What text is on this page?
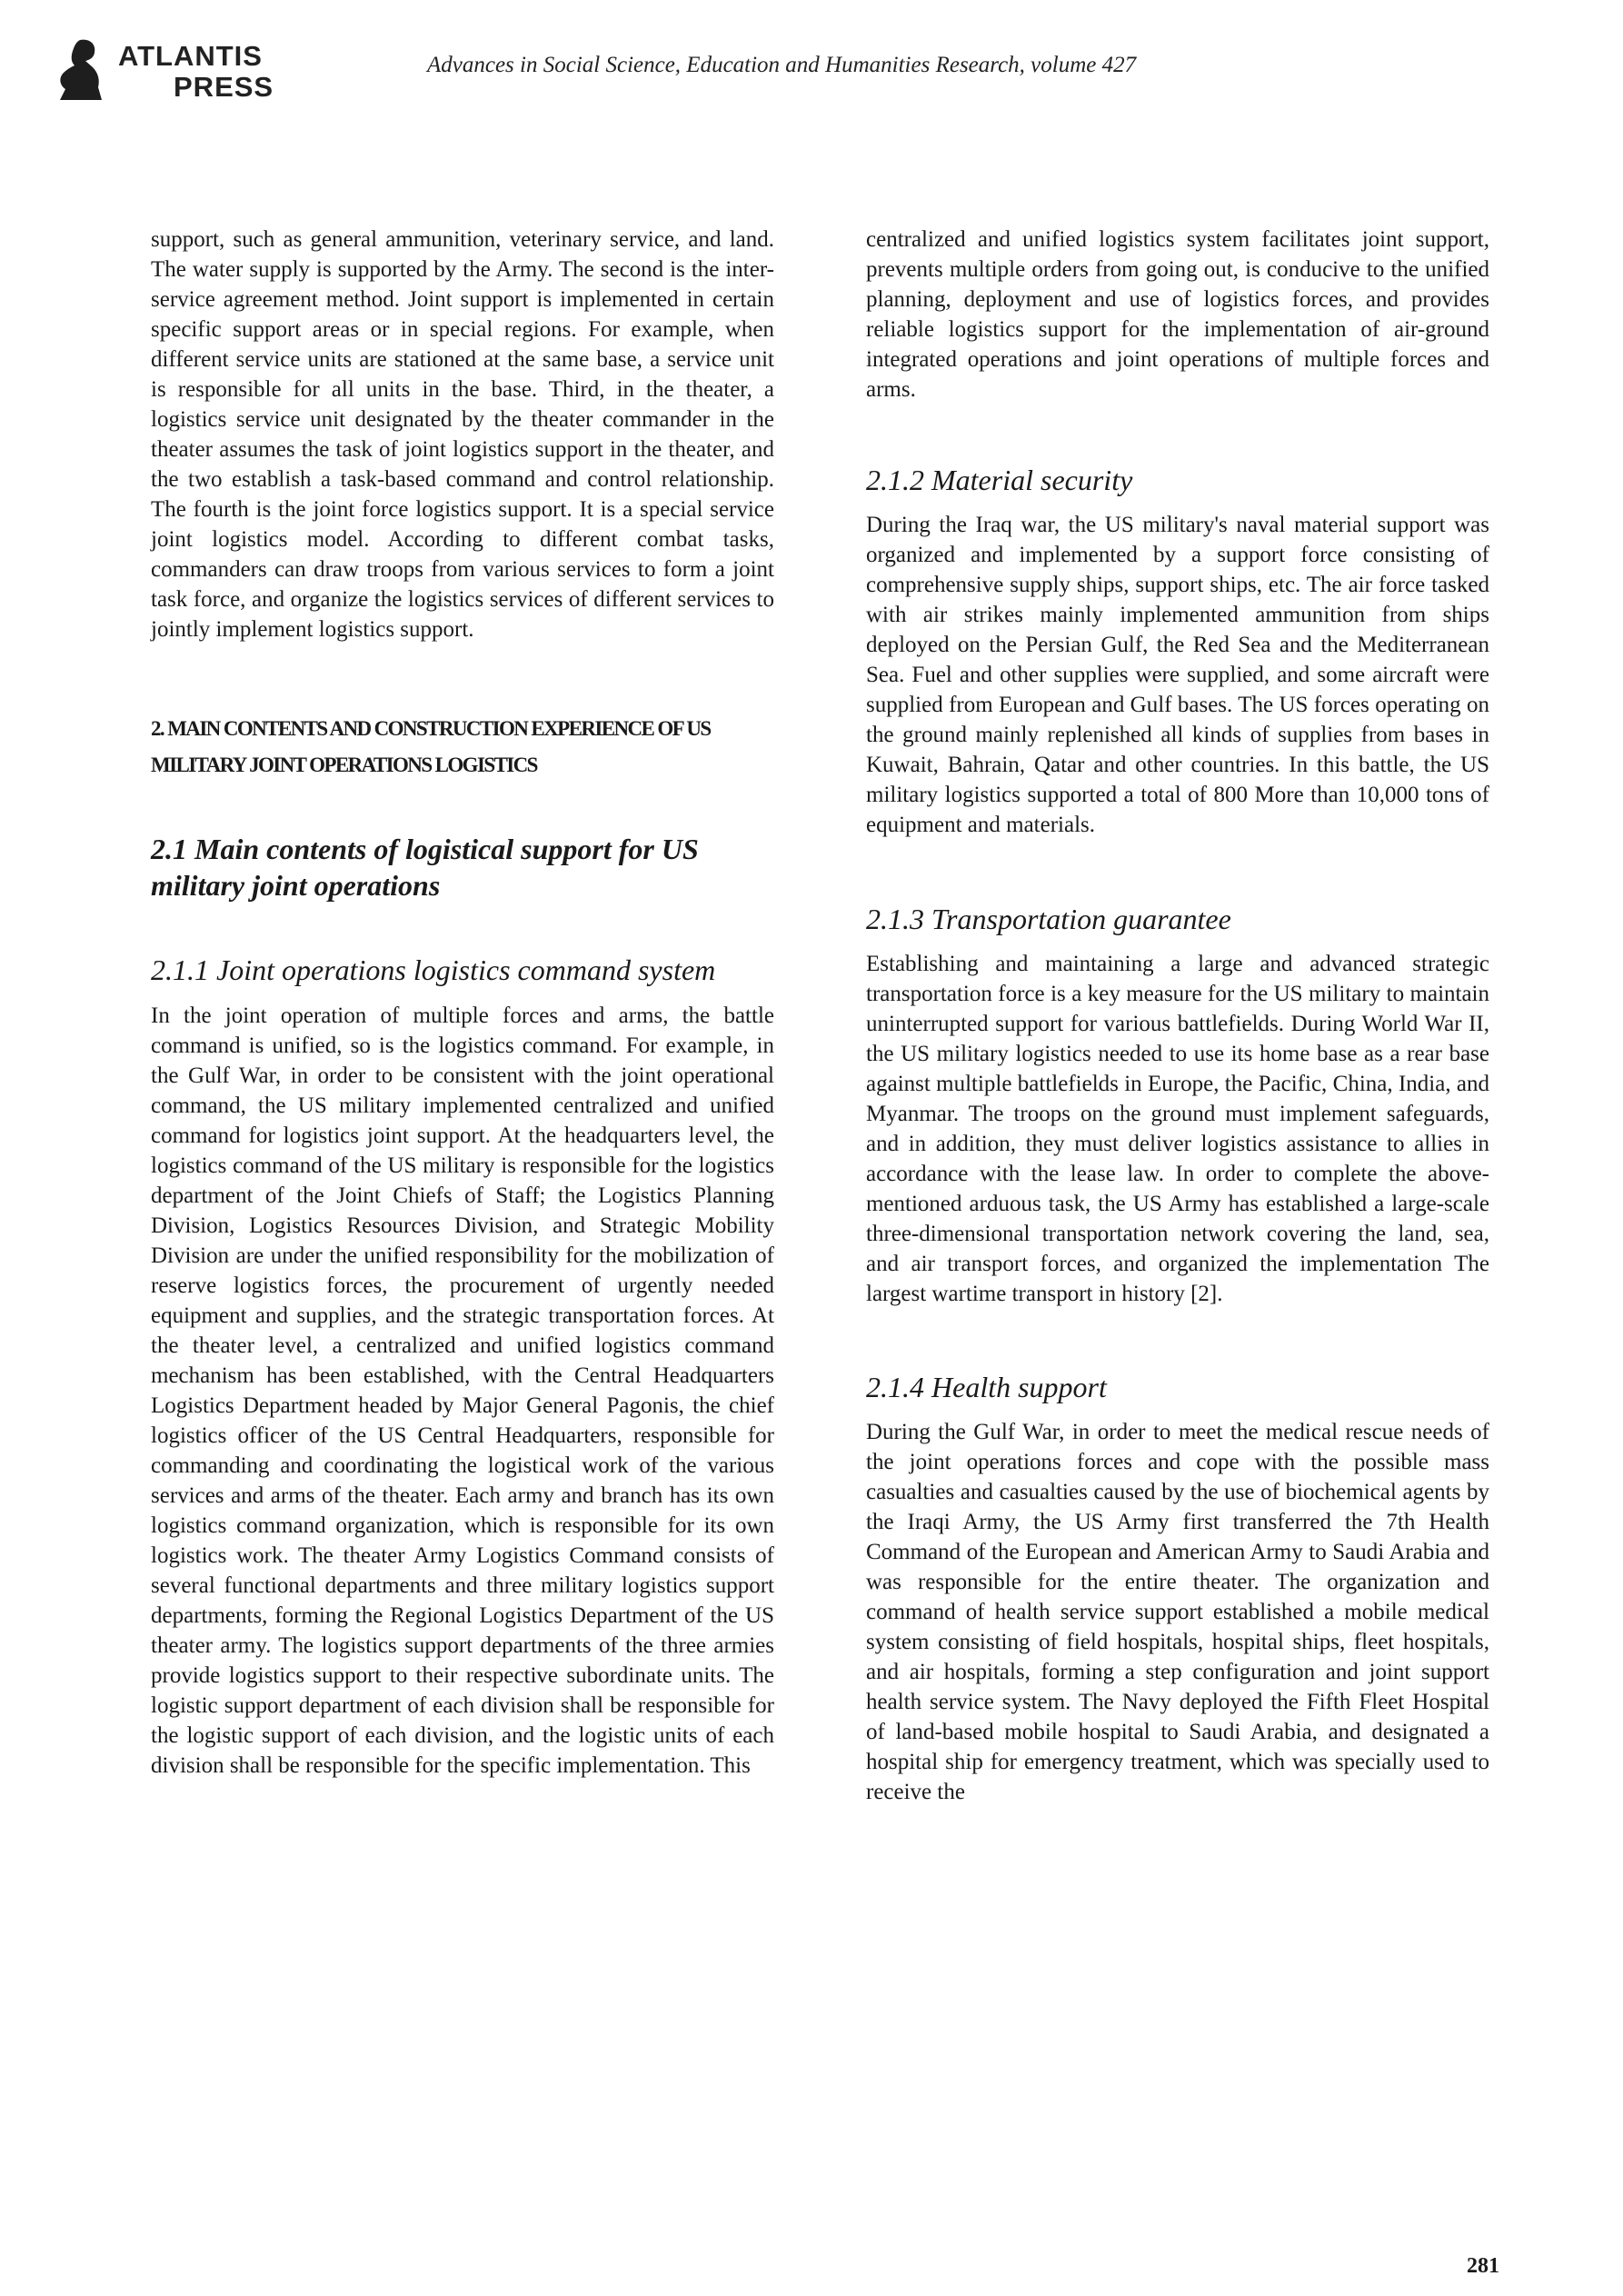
ATLANTIS
PRESS
Advances in Social Science, Education and Humanities Research, volume 427

support, such as general ammunition, veterinary service, and land. The water supply is supported by the Army. The second is the inter-service agreement method. Joint support is implemented in certain specific support areas or in special regions. For example, when different service units are stationed at the same base, a service unit is responsible for all units in the base. Third, in the theater, a logistics service unit designated by the theater commander in the theater assumes the task of joint logistics support in the theater, and the two establish a task-based command and control relationship. The fourth is the joint force logistics support. It is a special service joint logistics model. According to different combat tasks, commanders can draw troops from various services to form a joint task force, and organize the logistics services of different services to jointly implement logistics support.

2. MAIN CONTENTS AND CONSTRUCTION EXPERIENCE OF US MILITARY JOINT OPERATIONS LOGISTICS
2.1 Main contents of logistical support for US military joint operations
2.1.1 Joint operations logistics command system

In the joint operation of multiple forces and arms, the battle command is unified, so is the logistics command. For example, in the Gulf War, in order to be consistent with the joint operational command, the US military implemented centralized and unified command for logistics joint support. At the headquarters level, the logistics command of the US military is responsible for the logistics department of the Joint Chiefs of Staff; the Logistics Planning Division, Logistics Resources Division, and Strategic Mobility Division are under the unified responsibility for the mobilization of reserve logistics forces, the procurement of urgently needed equipment and supplies, and the strategic transportation forces. At the theater level, a centralized and unified logistics command mechanism has been established, with the Central Headquarters Logistics Department headed by Major General Pagonis, the chief logistics officer of the US Central Headquarters, responsible for commanding and coordinating the logistical work of the various services and arms of the theater. Each army and branch has its own logistics command organization, which is responsible for its own logistics work. The theater Army Logistics Command consists of several functional departments and three military logistics support departments, forming the Regional Logistics Department of the US theater army. The logistics support departments of the three armies provide logistics support to their respective subordinate units. The logistic support department of each division shall be responsible for the logistic support of each division, and the logistic units of each division shall be responsible for the specific implementation. This

centralized and unified logistics system facilitates joint support, prevents multiple orders from going out, is conducive to the unified planning, deployment and use of logistics forces, and provides reliable logistics support for the implementation of air-ground integrated operations and joint operations of multiple forces and arms.

2.1.2 Material security

During the Iraq war, the US military's naval material support was organized and implemented by a support force consisting of comprehensive supply ships, support ships, etc. The air force tasked with air strikes mainly implemented ammunition from ships deployed on the Persian Gulf, the Red Sea and the Mediterranean Sea. Fuel and other supplies were supplied, and some aircraft were supplied from European and Gulf bases. The US forces operating on the ground mainly replenished all kinds of supplies from bases in Kuwait, Bahrain, Qatar and other countries. In this battle, the US military logistics supported a total of 800 More than 10,000 tons of equipment and materials.

2.1.3 Transportation guarantee

Establishing and maintaining a large and advanced strategic transportation force is a key measure for the US military to maintain uninterrupted support for various battlefields. During World War II, the US military logistics needed to use its home base as a rear base against multiple battlefields in Europe, the Pacific, China, India, and Myanmar. The troops on the ground must implement safeguards, and in addition, they must deliver logistics assistance to allies in accordance with the lease law. In order to complete the above-mentioned arduous task, the US Army has established a large-scale three-dimensional transportation network covering the land, sea, and air transport forces, and organized the implementation The largest wartime transport in history [2].

2.1.4 Health support

During the Gulf War, in order to meet the medical rescue needs of the joint operations forces and cope with the possible mass casualties and casualties caused by the use of biochemical agents by the Iraqi Army, the US Army first transferred the 7th Health Command of the European and American Army to Saudi Arabia and was responsible for the entire theater. The organization and command of health service support established a mobile medical system consisting of field hospitals, hospital ships, fleet hospitals, and air hospitals, forming a step configuration and joint support health service system. The Navy deployed the Fifth Fleet Hospital of land-based mobile hospital to Saudi Arabia, and designated a hospital ship for emergency treatment, which was specially used to receive the

281
